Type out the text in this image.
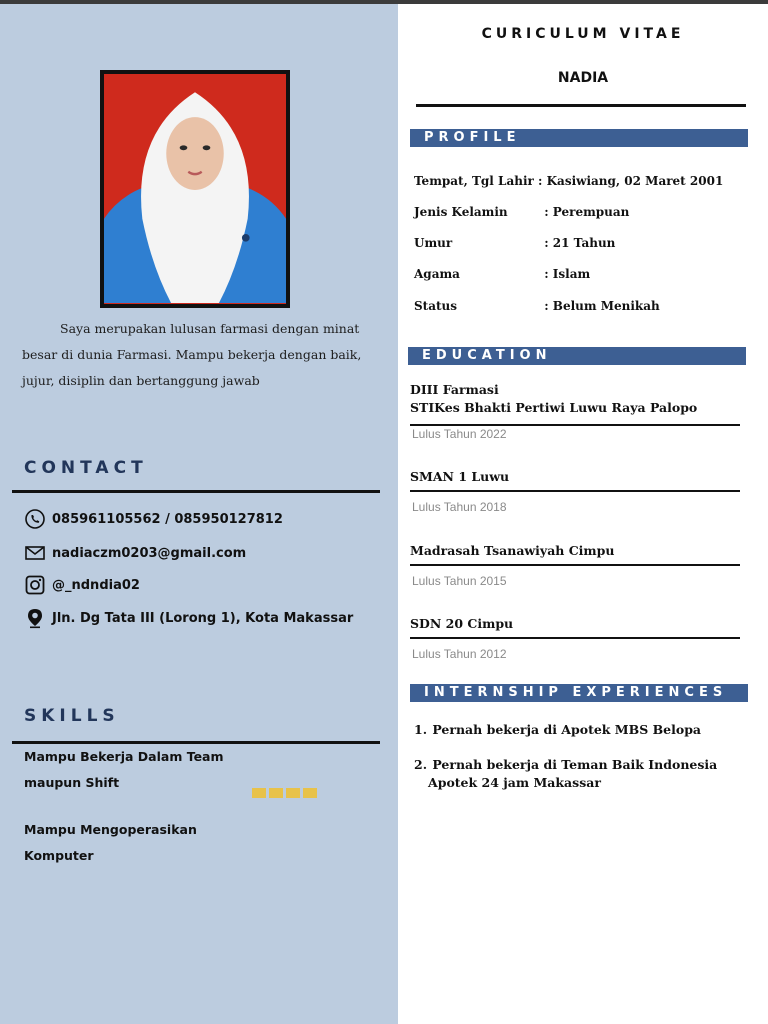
Saya merupakan lulusan farmasi dengan minat besar di dunia Farmasi. Mampu bekerja dengan baik, jujur, disiplin dan bertanggung jawab

CONTACT
085961105562 / 085950127812
nadiaczm0203@gmail.com
@_ndndia02
Jln. Dg Tata III (Lorong 1), Kota Makassar
SKILLS
Mampu Bekerja Dalam Team
maupun Shift
Mampu Mengoperasikan
Komputer
CURICULUM VITAE
NADIA
PROFILE
Tempat, Tgl Lahir : Kasiwiang, 02 Maret 2001
Jenis Kelamin	: Perempuan
Umur	: 21 Tahun
Agama	: Islam
Status	: Belum Menikah
EDUCATION
DIII Farmasi
STIKes Bhakti Pertiwi Luwu Raya Palopo
Lulus Tahun 2022
SMAN 1 Luwu
Lulus Tahun 2018
Madrasah Tsanawiyah Cimpu
Lulus Tahun 2015
SDN 20 Cimpu
Lulus Tahun 2012
INTERNSHIP EXPERIENCES
1. Pernah bekerja di Apotek MBS Belopa
2. Pernah bekerja di Teman Baik Indonesia
Apotek 24 jam Makassar
